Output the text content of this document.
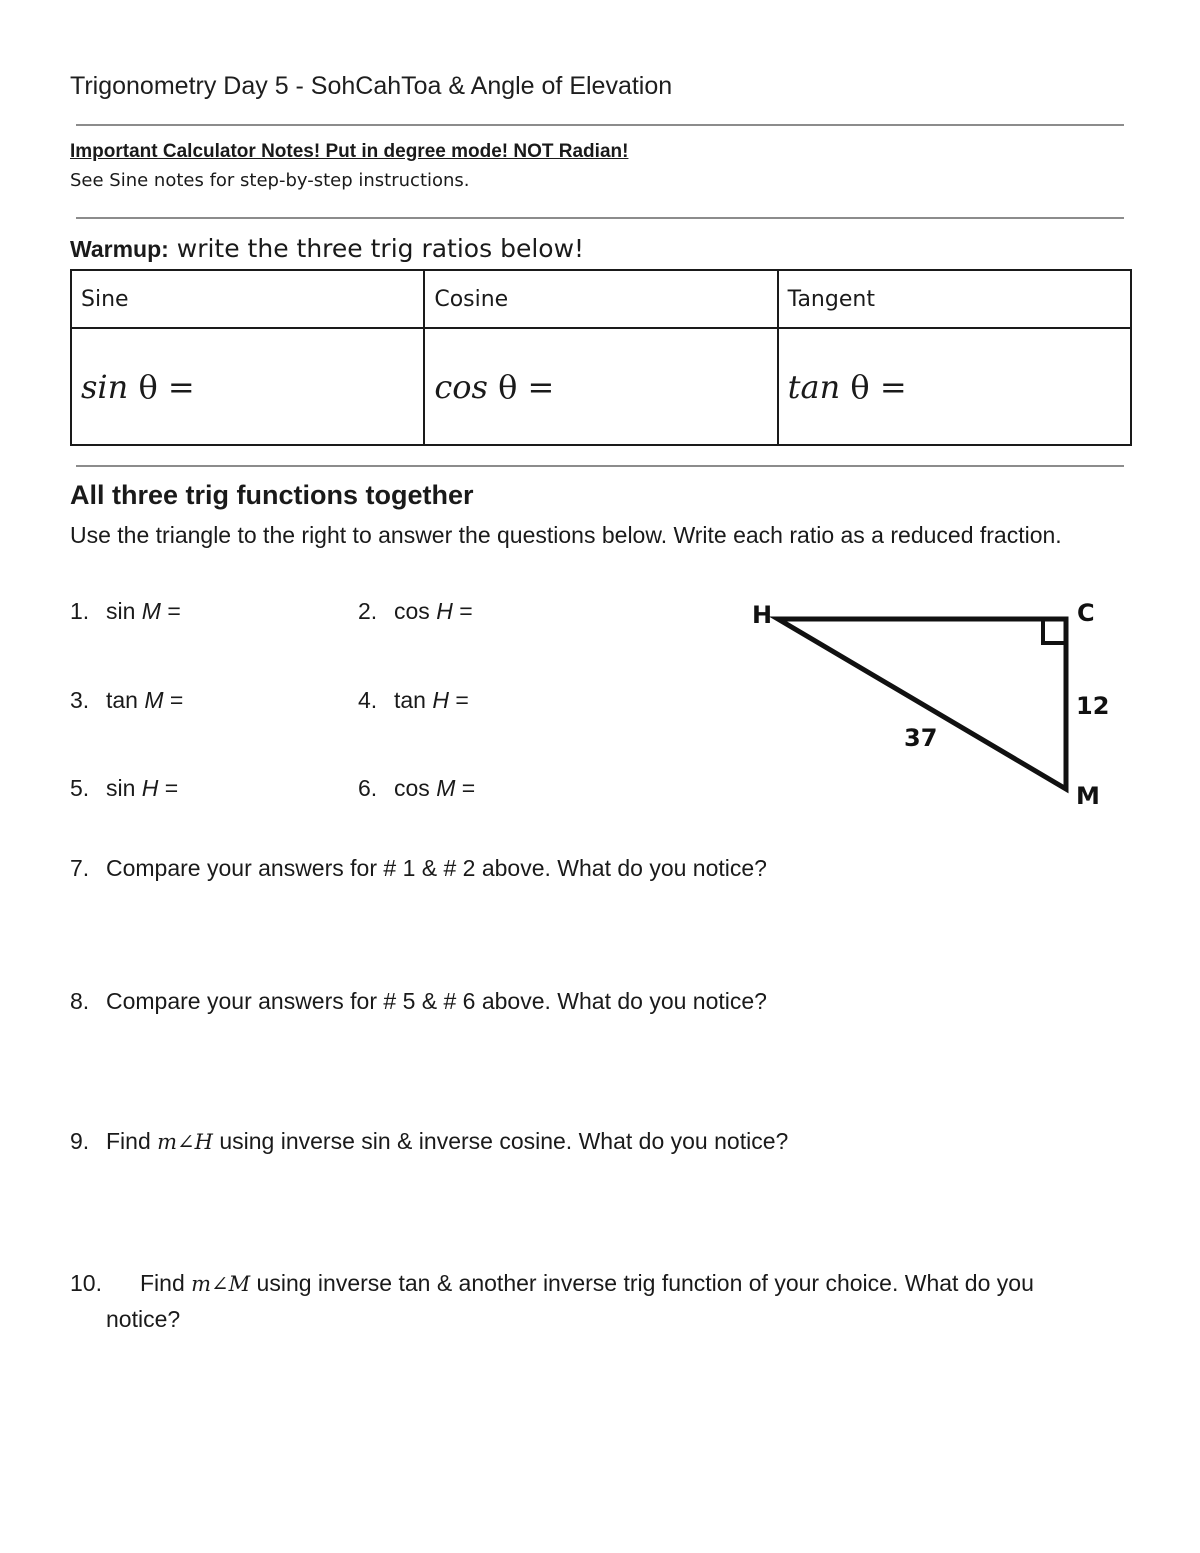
Trigonometry Day 5 - SohCahToa & Angle of Elevation
Important Calculator Notes! Put in degree mode! NOT Radian!
See Sine notes for step-by-step instructions.
Warmup: write the three trig ratios below!
Sine	Cosine	Tangent
sin θ =	cos θ =	tan θ =
All three trig functions together
Use the triangle to the right to answer the questions below. Write each ratio as a reduced fraction.
1. sin M =	2. cos H =
3. tan M =	4. tan H =
5. sin H =	6. cos M =
H	C
M
12
37
7. Compare your answers for # 1 & # 2 above. What do you notice?
8. Compare your answers for # 5 & # 6 above. What do you notice?
9. Find m∠H using inverse sin & inverse cosine. What do you notice?
10. Find m∠M using inverse tan & another inverse trig function of your choice. What do you
notice?
